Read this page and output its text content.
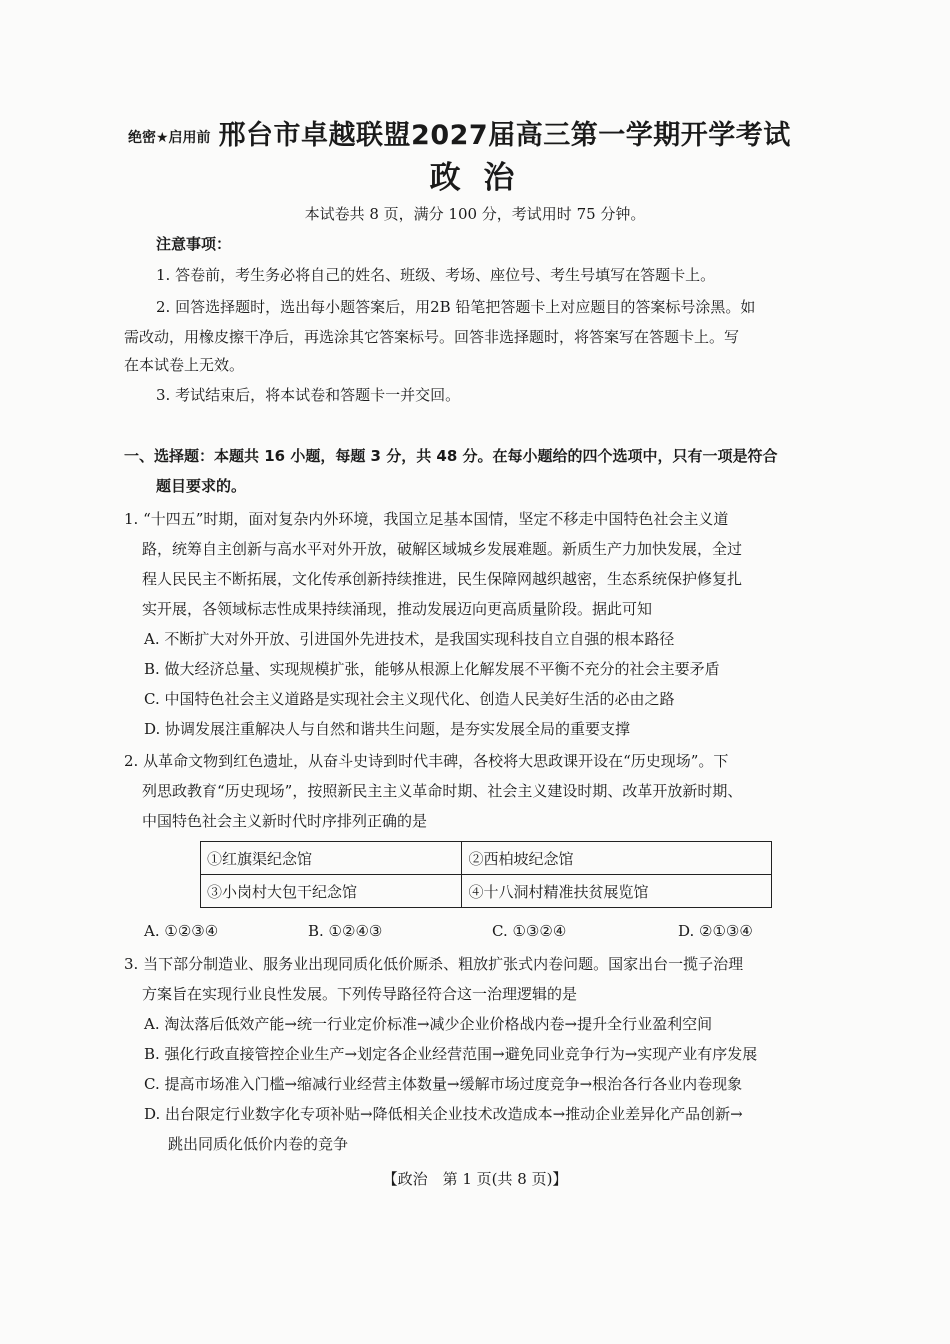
绝密★启用前 邢台市卓越联盟2027届高三第一学期开学考试
政 治
本试卷共 8 页，满分 100 分，考试用时 75 分钟。
注意事项：
1. 答卷前，考生务必将自己的姓名、班级、考场、座位号、考生号填写在答题卡上。
2. 回答选择题时，选出每小题答案后，用2B 铅笔把答题卡上对应题目的答案标号涂黑。如
需改动，用橡皮擦干净后，再选涂其它答案标号。回答非选择题时，将答案写在答题卡上。写
在本试卷上无效。
3. 考试结束后，将本试卷和答题卡一并交回。
一、选择题：本题共 16 小题，每题 3 分，共 48 分。在每小题给的四个选项中，只有一项是符合
题目要求的。
1. “十四五”时期，面对复杂内外环境，我国立足基本国情，坚定不移走中国特色社会主义道
路，统筹自主创新与高水平对外开放，破解区域城乡发展难题。新质生产力加快发展，全过
程人民民主不断拓展，文化传承创新持续推进，民生保障网越织越密，生态系统保护修复扎
实开展，各领域标志性成果持续涌现，推动发展迈向更高质量阶段。据此可知
A. 不断扩大对外开放、引进国外先进技术，是我国实现科技自立自强的根本路径
B. 做大经济总量、实现规模扩张，能够从根源上化解发展不平衡不充分的社会主要矛盾
C. 中国特色社会主义道路是实现社会主义现代化、创造人民美好生活的必由之路
D. 协调发展注重解决人与自然和谐共生问题，是夯实发展全局的重要支撑
2. 从革命文物到红色遗址，从奋斗史诗到时代丰碑，各校将大思政课开设在“历史现场”。下
列思政教育“历史现场”，按照新民主主义革命时期、社会主义建设时期、改革开放新时期、
中国特色社会主义新时代时序排列正确的是
①红旗渠纪念馆	②西柏坡纪念馆
③小岗村大包干纪念馆	④十八洞村精准扶贫展览馆
A. ①②③④	B. ①②④③	C. ①③②④	D. ②①③④
3. 当下部分制造业、服务业出现同质化低价厮杀、粗放扩张式内卷问题。国家出台一揽子治理
方案旨在实现行业良性发展。下列传导路径符合这一治理逻辑的是
A. 淘汰落后低效产能→统一行业定价标准→减少企业价格战内卷→提升全行业盈利空间
B. 强化行政直接管控企业生产→划定各企业经营范围→避免同业竞争行为→实现产业有序发展
C. 提高市场准入门槛→缩减行业经营主体数量→缓解市场过度竞争→根治各行各业内卷现象
D. 出台限定行业数字化专项补贴→降低相关企业技术改造成本→推动企业差异化产品创新→
跳出同质化低价内卷的竞争
【政治　第 1 页(共 8 页)】
